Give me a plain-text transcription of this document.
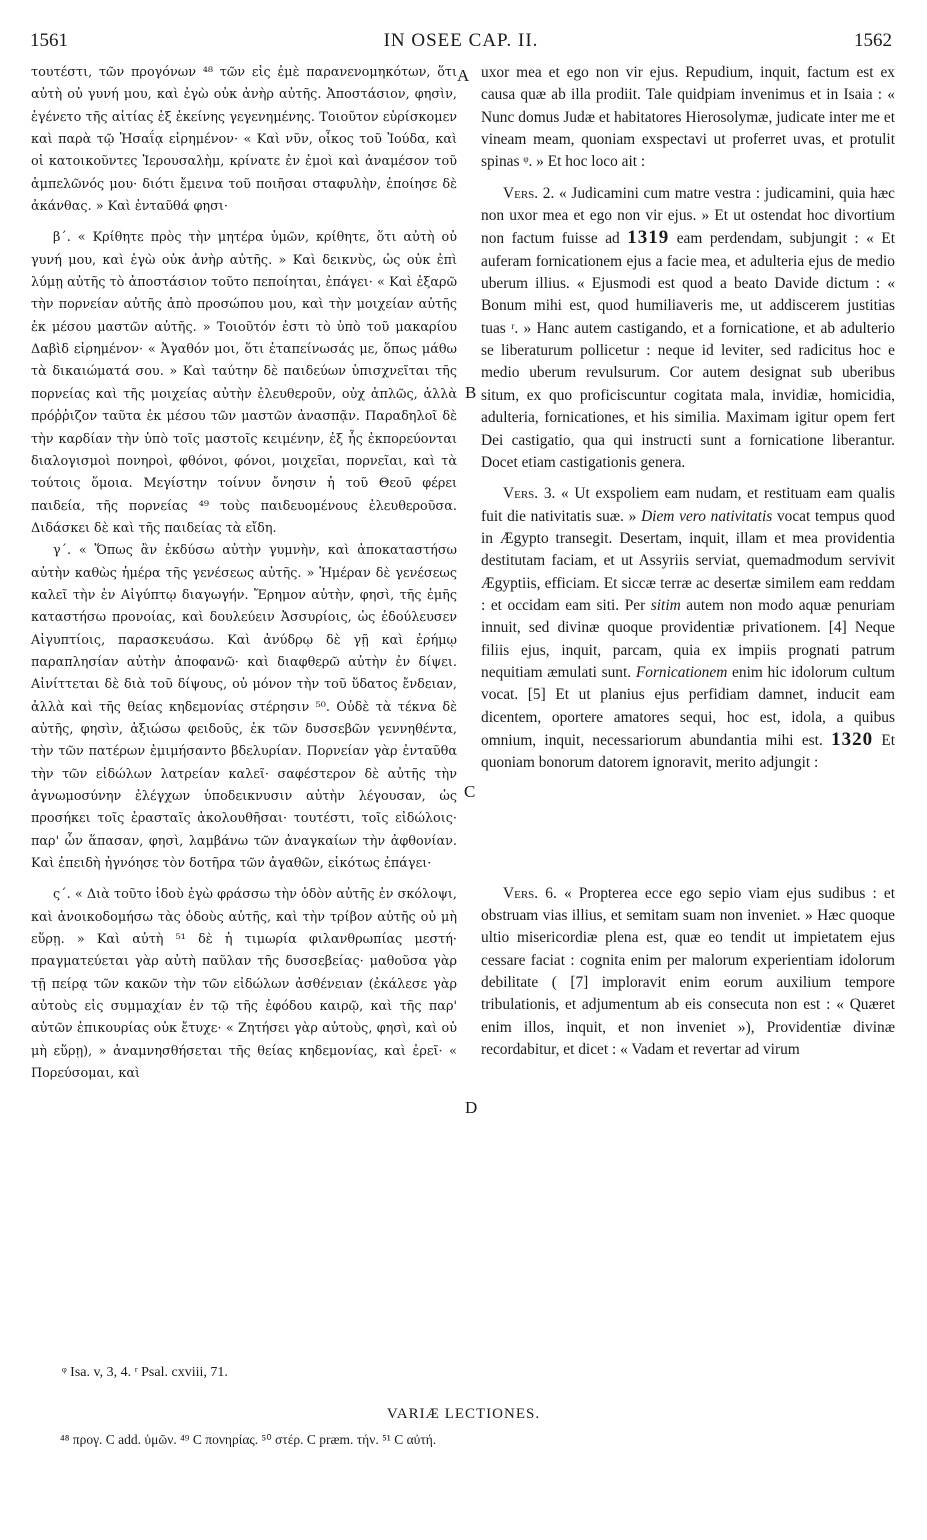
1561	IN OSEE CAP. II.	1562

τουτέστι, τῶν προγόνων ⁴⁸ τῶν εἰς ἐμὲ παρανενομηκότων, ὅτι αὐτὴ οὐ γυνή μου, καὶ ἐγὼ οὐκ ἀνὴρ αὐτῆς. Ἀποστάσιον, φησὶν, ἐγένετο τῆς αἰτίας ἐξ ἐκείνης γεγενημένης. Τοιοῦτον εὑρίσκομεν καὶ παρὰ τῷ Ἡσαΐᾳ εἰρημένον· « Καὶ νῦν, οἶκος τοῦ Ἰούδα, καὶ οἱ κατοικοῦντες Ἱερουσαλὴμ, κρίνατε ἐν ἐμοὶ καὶ ἀναμέσον τοῦ ἀμπελῶνός μου· διότι ἔμεινα τοῦ ποιῆσαι σταφυλὴν, ἐποίησε δὲ ἀκάνθας. » Καὶ ἐνταῦθά φησι·

β΄. « Κρίθητε πρὸς τὴν μητέρα ὑμῶν, κρίθητε, ὅτι αὐτὴ οὐ γυνή μου, καὶ ἐγὼ οὐκ ἀνὴρ αὐτῆς. » Καὶ δεικνὺς, ὡς οὐκ ἐπὶ λύμῃ αὐτῆς τὸ ἀποστάσιον τοῦτο πεποίηται, ἐπάγει· « Καὶ ἐξαρῶ τὴν πορνείαν αὐτῆς ἀπὸ προσώπου μου, καὶ τὴν μοιχείαν αὐτῆς ἐκ μέσου μαστῶν αὐτῆς. » Τοιοῦτόν ἐστι τὸ ὑπὸ τοῦ μακαρίου Δαβὶδ εἰρημένον· « Ἀγαθόν μοι, ὅτι ἐταπείνωσάς με, ὅπως μάθω τὰ δικαιώματά σου. » Καὶ ταύτην δὲ παιδεύων ὑπισχνεῖται τῆς πορνείας καὶ τῆς μοιχείας αὐτὴν ἐλευθεροῦν, οὐχ ἁπλῶς, ἀλλὰ πρόῤῥιζον ταῦτα ἐκ μέσου τῶν μαστῶν ἀνασπᾷν. Παραδηλοῖ δὲ τὴν καρδίαν τὴν ὑπὸ τοῖς μαστοῖς κειμένην, ἐξ ἧς ἐκπορεύονται διαλογισμοὶ πονηροὶ, φθόνοι, φόνοι, μοιχεῖαι, πορνεῖαι, καὶ τὰ τούτοις ὅμοια. Μεγίστην τοίνυν ὄνησιν ἡ τοῦ Θεοῦ φέρει παιδεία, τῆς πορνείας ⁴⁹ τοὺς παιδευομένους ἐλευθεροῦσα. Διδάσκει δὲ καὶ τῆς παιδείας τὰ εἴδη.

γ΄. « Ὅπως ἂν ἐκδύσω αὐτὴν γυμνὴν, καὶ ἀποκαταστήσω αὐτὴν καθὼς ἡμέρα τῆς γενέσεως αὐτῆς. » Ἡμέραν δὲ γενέσεως καλεῖ τὴν ἐν Αἰγύπτῳ διαγωγήν. Ἔρημον αὐτὴν, φησὶ, τῆς ἐμῆς καταστήσω προνοίας, καὶ δουλεύειν Ἀσσυρίοις, ὡς ἐδούλευσεν Αἰγυπτίοις, παρασκευάσω. Καὶ ἀνύδρῳ δὲ γῇ καὶ ἐρήμῳ παραπλησίαν αὐτὴν ἀποφανῶ· καὶ διαφθερῶ αὐτὴν ἐν δίψει. Αἰνίττεται δὲ διὰ τοῦ δίψους, οὐ μόνον τὴν τοῦ ὕδατος ἔνδειαν, ἀλλὰ καὶ τῆς θείας κηδεμονίας στέρησιν ⁵⁰. Οὐδὲ τὰ τέκνα δὲ αὐτῆς, φησὶν, ἀξιώσω φειδοῦς, ἐκ τῶν δυσσεβῶν γεννηθέντα, τὴν τῶν πατέρων ἐμιμήσαντο βδελυρίαν. Πορνείαν γὰρ ἐνταῦθα τὴν τῶν εἰδώλων λατρείαν καλεῖ· σαφέστερον δὲ αὐτῆς τὴν ἀγνωμοσύνην ἐλέγχων ὑποδεικνυσιν αὐτὴν λέγουσαν, ὡς προσήκει τοῖς ἐρασταῖς ἀκολουθῆσαι· τουτέστι, τοῖς εἰδώλοις· παρ' ὧν ἅπασαν, φησὶ, λαμβάνω τῶν ἀναγκαίων τὴν ἀφθονίαν. Καὶ ἐπειδὴ ἠγνόησε τὸν δοτῆρα τῶν ἀγαθῶν, εἰκότως ἐπάγει·

ς΄. « Διὰ τοῦτο ἰδοὺ ἐγὼ φράσσω τὴν ὁδὸν αὐτῆς ἐν σκόλοψι, καὶ ἀνοικοδομήσω τὰς ὁδοὺς αὐτῆς, καὶ τὴν τρίβον αὐτῆς οὐ μὴ εὕρῃ. » Καὶ αὐτὴ ⁵¹ δὲ ἡ τιμωρία φιλανθρωπίας μεστή· πραγματεύεται γὰρ αὐτὴ παῦλαν τῆς δυσσεβείας· μαθοῦσα γὰρ τῇ πείρᾳ τῶν κακῶν τὴν τῶν εἰδώλων ἀσθένειαν (ἐκάλεσε γὰρ αὐτοὺς εἰς συμμαχίαν ἐν τῷ τῆς ἐφόδου καιρῷ, καὶ τῆς παρ' αὐτῶν ἐπικουρίας οὐκ ἔτυχε· « Ζητήσει γὰρ αὐτοὺς, φησὶ, καὶ οὐ μὴ εὕρῃ), » ἀναμνησθήσεται τῆς θείας κηδεμονίας, καὶ ἐρεῖ· « Πορεύσομαι, καὶ

uxor mea et ego non vir ejus. Repudium, inquit, factum est ex causa quæ ab illa prodiit. Tale quidpiam invenimus et in Isaia : « Nunc domus Judæ et habitatores Hierosolymæ, judicate inter me et vineam meam, quoniam exspectavi ut proferret uvas, et protulit spinas ᵠ. » Et hoc loco ait :

Vers. 2. « Judicamini cum matre vestra : judicamini, quia hæc non uxor mea et ego non vir ejus. » Et ut ostendat hoc divortium non factum fuisse ad 1319 eam perdendam, subjungit : « Et auferam fornicationem ejus a facie mea, et adulteria ejus de medio uberum illius. « Ejusmodi est quod a beato Davide dictum : « Bonum mihi est, quod humiliaveris me, ut addiscerem justitias tuas ʳ. » Hanc autem castigando, et a fornicatione, et ab adulterio se liberaturum pollicetur : neque id leviter, sed radicitus hoc e medio uberum revulsurum. Cor autem designat sub uberibus situm, ex quo proficiscuntur cogitata mala, invidiæ, homicidia, adulteria, fornicationes, et his similia. Maximam igitur opem fert Dei castigatio, qua qui instructi sunt a fornicatione liberantur. Docet etiam castigationis genera.

Vers. 3. « Ut exspoliem eam nudam, et restituam eam qualis fuit die nativitatis suæ. » Diem vero nativitatis vocat tempus quod in Ægypto transegit. Desertam, inquit, illam et mea providentia destitutam faciam, et ut Assyriis serviat, quemadmodum servivit Ægyptiis, efficiam. Et siccæ terræ ac desertæ similem eam reddam : et occidam eam siti. Per sitim autem non modo aquæ penuriam innuit, sed divinæ quoque providentiæ privationem. [4] Neque filiis ejus, inquit, parcam, quia ex impiis prognati patrum nequitiam æmulati sunt. Fornicationem enim hic idolorum cultum vocat. [5] Et ut planius ejus perfidiam damnet, inducit eam dicentem, oportere amatores sequi, hoc est, idola, a quibus omnium, inquit, necessariorum abundantia mihi est. 1320 Et quoniam bonorum datorem ignoravit, merito adjungit :

Vers. 6. « Propterea ecce ego sepio viam ejus sudibus : et obstruam vias illius, et semitam suam non inveniet. » Hæc quoque ultio misericordiæ plena est, quæ eo tendit ut impietatem ejus cessare faciat : cognita enim per malorum experientiam idolorum debilitate ( [7] imploravit enim eorum auxilium tempore tribulationis, et adjumentum ab eis consecuta non est : « Quæret enim illos, inquit, et non inveniet »), Providentiæ divinæ recordabitur, et dicet : « Vadam et revertar ad virum

A
B
C
D
ᵠ Isa. v, 3, 4. ʳ Psal. cxviii, 71.
VARIÆ LECTIONES.
⁴⁸ προγ. C add. ὑμῶν. ⁴⁹ C πονηρίας. ⁵⁰ στέρ. C præm. τήν. ⁵¹ C αὐτή.
